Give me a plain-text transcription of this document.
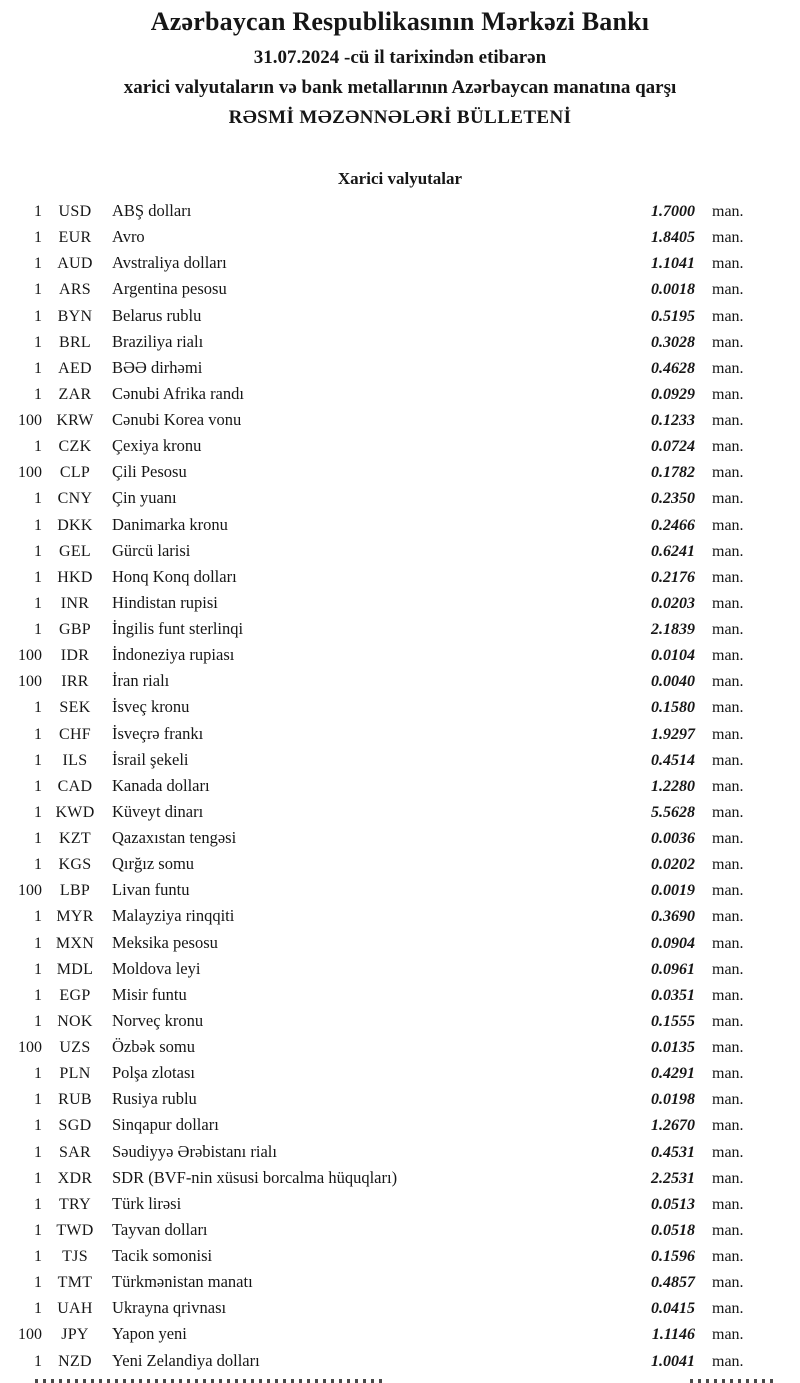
Azərbaycan Respublikasının Mərkəzi Bankı
31.07.2024 -cü il tarixindən etibarən
xarici valyutaların və bank metallarının Azərbaycan manatına qarşı
RƏSMİ MƏZƏNNƏLƏRİ BÜLLETENİ
Xarici valyutalar
1	USD	ABŞ dolları	1.7000	man.
1	EUR	Avro	1.8405	man.
1 AUD	Avstraliya dolları	1.1041	man.
1	ARS	Argentina pesosu	0.0018	man.
1 BYN	Belarus rublu	0.5195	man.
1	BRL	Braziliya rialı	0.3028	man.
1	AED	BƏƏ dirhəmi	0.4628	man.
1	ZAR	Cənubi Afrika randı	0.0929	man.
100 KRW	Cənubi Korea vonu	0.1233	man.
1	CZK	Çexiya kronu	0.0724	man.
100	CLP	Çili Pesosu	0.1782	man.
1 CNY	Çin yuanı	0.2350	man.
1 DKK	Danimarka kronu	0.2466	man.
1	GEL	Gürcü larisi	0.6241	man.
1 HKD	Honq Konq dolları	0.2176	man.
1	INR	Hindistan rupisi	0.0203	man.
1	GBP	İngilis funt sterlinqi	2.1839	man.
100	IDR	İndoneziya rupiası	0.0104	man.
100	IRR	İran rialı	0.0040	man.
1	SEK	İsveç kronu	0.1580	man.
1	CHF	İsveçrə frankı	1.9297	man.
1	ILS	İsrail şekeli	0.4514	man.
1 CAD	Kanada dolları	1.2280	man.
1 KWD	Küveyt dinarı	5.5628	man.
1	KZT	Qazaxıstan tengəsi	0.0036	man.
1	KGS	Qırğız somu	0.0202	man.
100	LBP	Livan funtu	0.0019	man.
1 MYR	Malayziya rinqqiti	0.3690	man.
1 MXN	Meksika pesosu	0.0904	man.
1 MDL	Moldova leyi	0.0961	man.
1	EGP	Misir funtu	0.0351	man.
1 NOK	Norveç kronu	0.1555	man.
100	UZS	Özbək somu	0.0135	man.
1	PLN	Polşa zlotası	0.4291	man.
1	RUB	Rusiya rublu	0.0198	man.
1	SGD	Sinqapur dolları	1.2670	man.
1	SAR	Səudiyyə Ərəbistanı rialı	0.4531	man.
1 XDR	SDR (BVF-nin xüsusi borcalma hüquqları)	2.2531	man.
1	TRY	Türk lirəsi	0.0513	man.
1 TWD	Tayvan dolları	0.0518	man.
1	TJS	Tacik somonisi	0.1596	man.
1 TMT	Türkmənistan manatı	0.4857	man.
1 UAH	Ukrayna qrivnası	0.0415	man.
100	JPY	Yapon yeni	1.1146	man.
1	NZD	Yeni Zelandiya dolları	1.0041	man.
